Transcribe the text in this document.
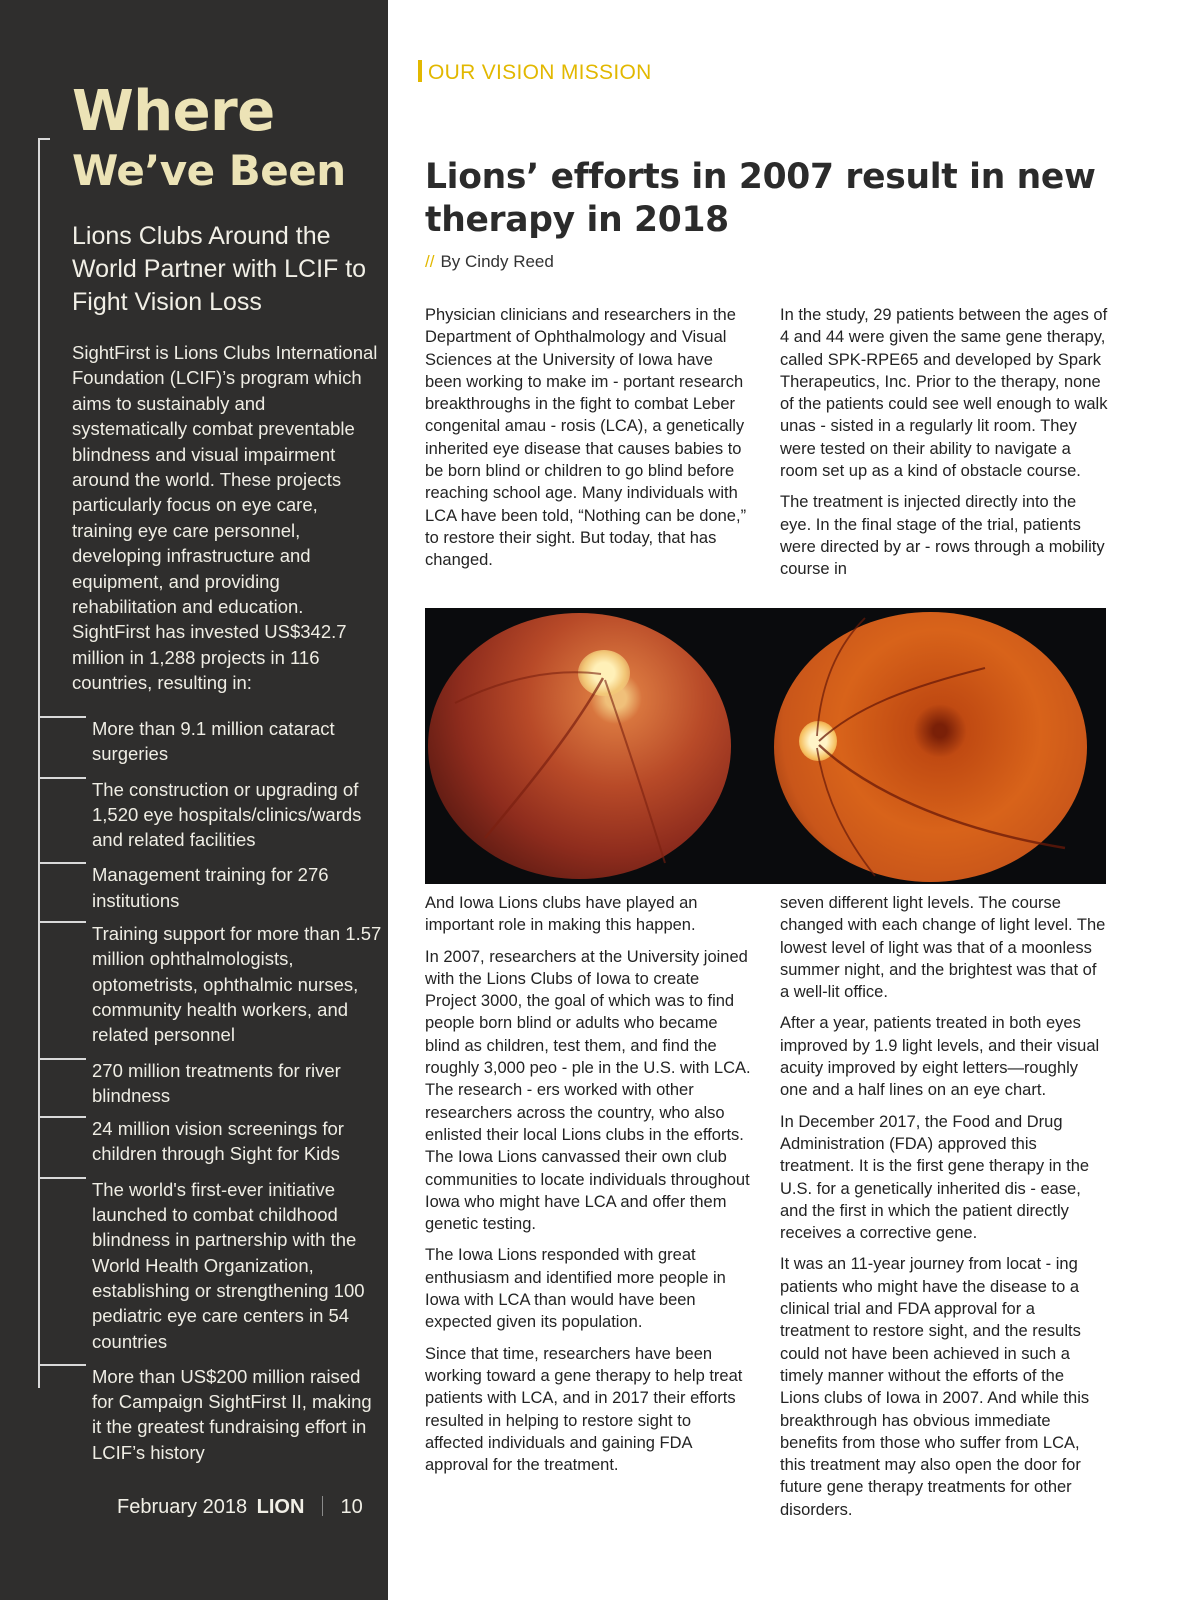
Where
We’ve Been
Lions Clubs Around the World Partner with LCIF to Fight Vision Loss
SightFirst is Lions Clubs International Foundation (LCIF)’s program which aims to sustainably and systematically combat preventable blindness and visual impairment around the world. These projects particularly focus on eye care, training eye care personnel, developing infrastructure and equipment, and providing rehabilitation and education. SightFirst has invested US$342.7 million in 1,288 projects in 116 countries, resulting in:
More than 9.1 million cataract surgeries
The construction or upgrading of 1,520 eye hospitals/clinics/wards and related facilities
Management training for 276 institutions
Training support for more than 1.57 million ophthalmologists, optometrists, ophthalmic nurses, community health workers, and related personnel
270 million treatments for river blindness
24 million vision screenings for children through Sight for Kids
The world's first-ever initiative launched to combat childhood blindness in partnership with the World Health Organization, establishing or strengthening 100 pediatric eye care centers in 54 countries
More than US$200 million raised for Campaign SightFirst II, making it the greatest fundraising effort in LCIF’s history
February 2018 LION 10
OUR VISION MISSION
Lions’ efforts in 2007 result in new therapy in 2018
// By Cindy Reed

Physician clinicians and researchers in the Department of Ophthalmology and Visual Sciences at the University of Iowa have been working to make im - portant research breakthroughs in the fight to combat Leber congenital amau - rosis (LCA), a genetically inherited eye disease that causes babies to be born blind or children to go blind before reaching school age. Many individuals with LCA have been told, “Nothing can be done,” to restore their sight. But today, that has changed.

In the study, 29 patients between the ages of 4 and 44 were given the same gene therapy, called SPK-RPE65 and developed by Spark Therapeutics, Inc. Prior to the therapy, none of the patients could see well enough to walk unas - sisted in a regularly lit room. They were tested on their ability to navigate a room set up as a kind of obstacle course.

The treatment is injected directly into the eye. In the final stage of the trial, patients were directed by ar - rows through a mobility course in

And Iowa Lions clubs have played an important role in making this happen.

In 2007, researchers at the University joined with the Lions Clubs of Iowa to create Project 3000, the goal of which was to find people born blind or adults who became blind as children, test them, and find the roughly 3,000 peo - ple in the U.S. with LCA. The research - ers worked with other researchers across the country, who also enlisted their local Lions clubs in the efforts. The Iowa Lions canvassed their own club communities to locate individuals throughout Iowa who might have LCA and offer them genetic testing.

The Iowa Lions responded with great enthusiasm and identified more people in Iowa with LCA than would have been expected given its population.

Since that time, researchers have been working toward a gene therapy to help treat patients with LCA, and in 2017 their efforts resulted in helping to restore sight to affected individuals and gaining FDA approval for the treatment.

seven different light levels. The course changed with each change of light level. The lowest level of light was that of a moonless summer night, and the brightest was that of a well-lit office.

After a year, patients treated in both eyes improved by 1.9 light levels, and their visual acuity improved by eight letters—roughly one and a half lines on an eye chart.

In December 2017, the Food and Drug Administration (FDA) approved this treatment. It is the first gene therapy in the U.S. for a genetically inherited dis - ease, and the first in which the patient directly receives a corrective gene.

It was an 11-year journey from locat - ing patients who might have the disease to a clinical trial and FDA approval for a treatment to restore sight, and the results could not have been achieved in such a timely manner without the efforts of the Lions clubs of Iowa in 2007. And while this breakthrough has obvious immediate benefits from those who suffer from LCA, this treatment may also open the door for future gene therapy treatments for other disorders.
